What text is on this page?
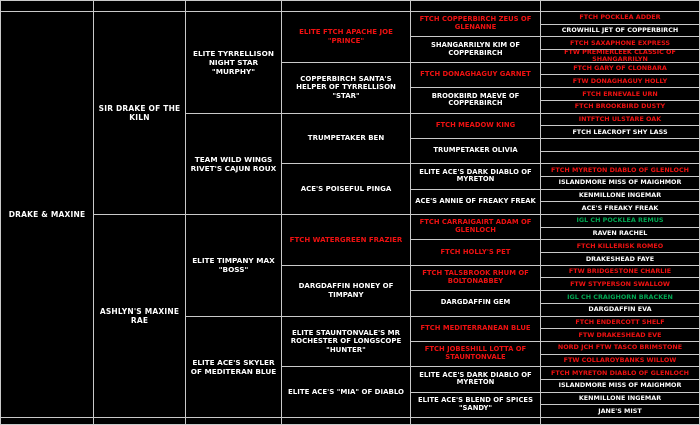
DRAKE & MAXINE
SIR DRAKE OF THE KILN
ASHLYN'S MAXINE RAE
ELITE TYRRELLISON NIGHT STAR "MURPHY"
TEAM WILD WINGS RIVET'S CAJUN ROUX
ELITE TIMPANY MAX "BOSS"
ELITE ACE'S SKYLER OF MEDITERAN BLUE
ELITE FTCH APACHE JOE "PRINCE"
COPPERBIRCH SANTA'S HELPER OF TYRRELLISON "STAR"
TRUMPETAKER BEN
ACE'S POISEFUL PINGA
FTCH WATERGREEN FRAZIER
DARGDAFFIN HONEY OF TIMPANY
ELITE STAUNTONVALE'S MR ROCHESTER OF LONGSCOPE "HUNTER"
ELITE ACE'S "MIA" OF DIABLO
FTCH COPPERBIRCH ZEUS OF GLENANNE
SHANGARRILYN KIM OF COPPERBIRCH
FTCH DONAGHAGUY GARNET
BROOKBIRD MAEVE OF COPPERBIRCH
FTCH MEADOW KING
TRUMPETAKER OLIVIA
ELITE ACE'S DARK DIABLO OF MYRETON
ACE'S ANNIE OF FREAKY FREAK
FTCH CARRAIGAIRT ADAM OF GLENLOCH
FTCH HOLLY'S PET
FTCH TALSBROOK RHUM OF BOLTONABBEY
DARGDAFFIN GEM
FTCH MEDITERRANEAN BLUE
FTCH JOBESHILL LOTTA OF STAUNTONVALE
ELITE ACE'S DARK DIABLO OF MYRETON
ELITE ACE'S BLEND OF SPICES "SANDY"
FTCH POCKLEA ADDER
CROWHILL JET OF COPPERBIRCH
FTCH SAXAPHONE EXPRESS
FTW PREMIERLEEK CLASSIC OF SHANGARRILYN
FTCH GARY OF CLONBARA
FTW DONAGHAGUY HOLLY
FTCH ERNEVALE URN
FTCH BROOKBIRD DUSTY
INTFTCH ULSTARE OAK
FTCH LEACROFT SHY LASS
FTCH MYRETON DIABLO OF GLENLOCH
ISLANDMORE MISS OF MAIGHMOR
KENMILLONE INGEMAR
ACE'S FREAKY FREAK
IGL CH POCKLEA REMUS
RAVEN RACHEL
FTCH KILLERISK ROMEO
DRAKESHEAD FAYE
FTW BRIDGESTONE CHARLIE
FTW STYPERSON SWALLOW
IGL CH CRAIGHORN BRACKEN
DARGDAFFIN EVA
FTCH ENDERCOTT SHELF
FTW DRAKESHEAD EVE
NORD JCH FTW TASCO BRIMSTONE
FTW COLLAROYBANKS WILLOW
FTCH MYRETON DIABLO OF GLENLOCH
ISLANDMORE MISS OF MAIGHMOR
KENMILLONE INGEMAR
JANE'S MIST
